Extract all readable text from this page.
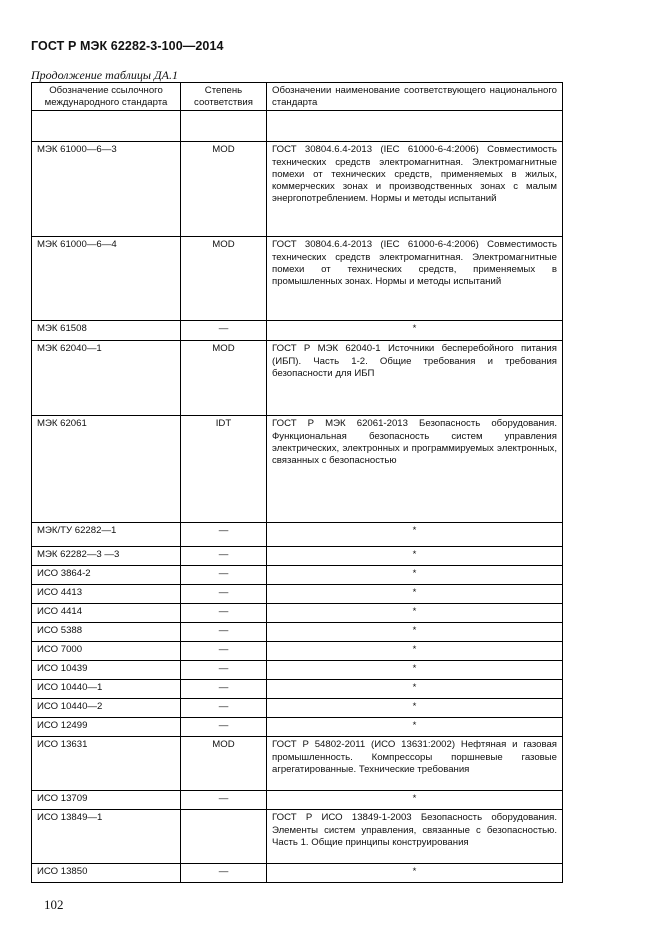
ГОСТ Р МЭК 62282-3-100—2014
Продолжение таблицы ДА.1
Обозначение ссылочного международного стандарта	Степень соответствия	Обозначении наименование соответствующего национального стандарта

МЭК 61000—6—3	MOD	ГОСТ 30804.6.4-2013 (IEC 61000-6-4:2006) Совместимость технических средств электромагнитная. Электромагнитные помехи от технических средств, применяемых в жилых, коммерческих зонах и производственных зонах с малым энергопотреблением. Нормы и методы испытаний
МЭК 61000—6—4	MOD	ГОСТ 30804.6.4-2013 (IEC 61000-6-4:2006) Совместимость технических средств электромагнитная. Электромагнитные помехи от технических средств, применяемых в промышленных зонах. Нормы и методы испытаний
МЭК 61508	—	*
МЭК 62040—1	MOD	ГОСТ Р МЭК 62040-1 Источники бесперебойного питания (ИБП). Часть 1-2. Общие требования и требования безопасности для ИБП
МЭК 62061	IDT	ГОСТ Р МЭК 62061-2013 Безопасность оборудования. Функциональная безопасность систем управления электрических, электронных и программируемых электронных, связанных с безопасностью
МЭК/ТУ 62282—1	—	*
МЭК 62282—3 —3	—	*
ИСО 3864-2	—	*
ИСО 4413	—	*
ИСО 4414	—	*
ИСО 5388	—	*
ИСО 7000	—	*
ИСО 10439	—	*
ИСО 10440—1	—	*
ИСО 10440—2	—	*
ИСО 12499	—	*
ИСО 13631	MOD	ГОСТ Р 54802-2011 (ИСО 13631:2002) Нефтяная и газовая промышленность. Компрессоры поршневые газовые агрегатированные. Технические требования
ИСО 13709	—	*
ИСО 13849—1		ГОСТ Р ИСО 13849-1-2003 Безопасность оборудования. Элементы систем управления, связанные с безопасностью. Часть 1. Общие принципы конструирования
ИСО 13850	—	*
102
